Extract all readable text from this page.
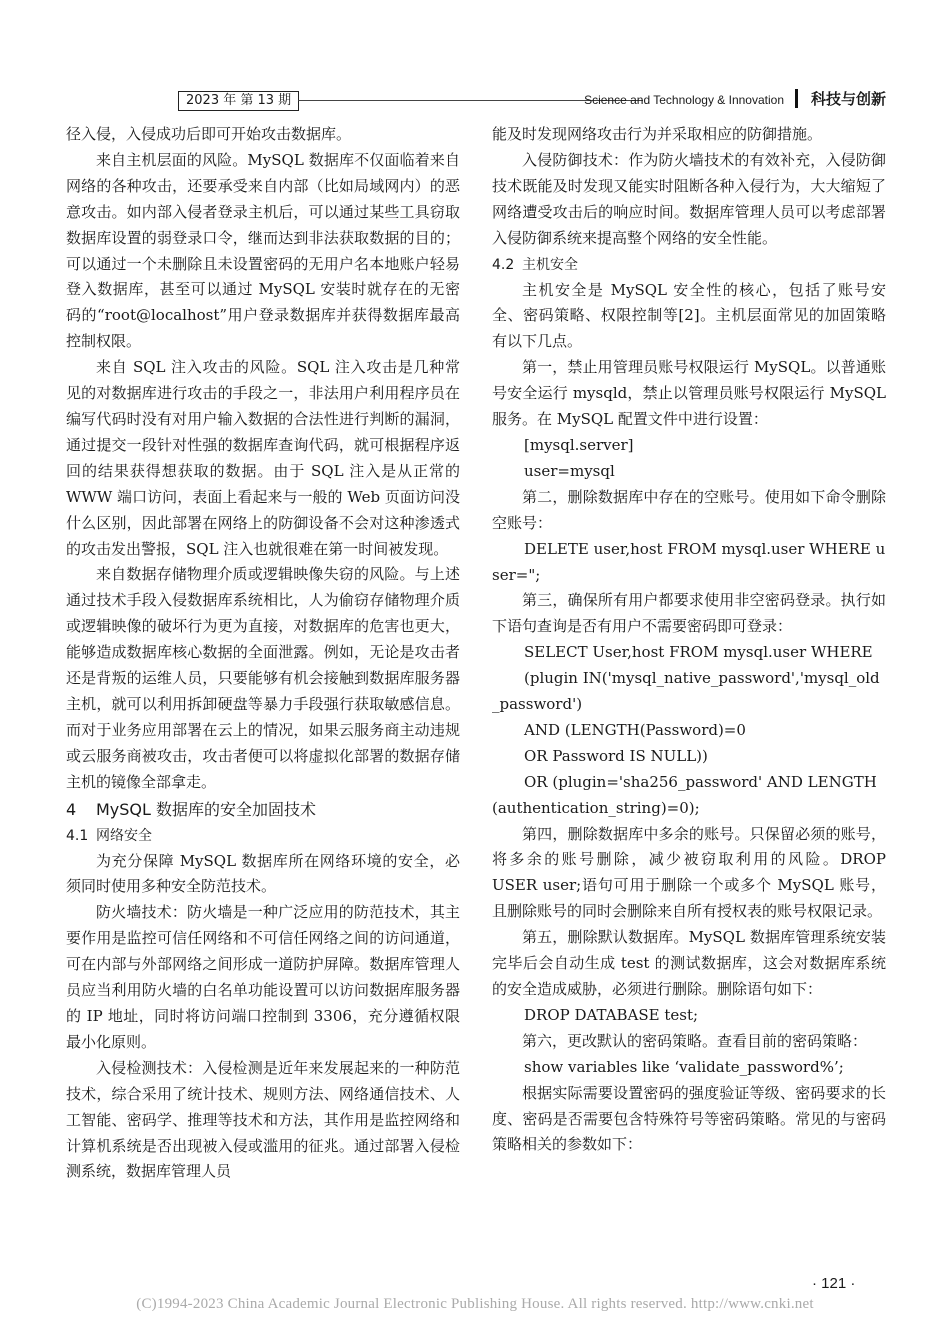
2023 年 第 13 期	Science and Technology & Innovation 科技与创新

径入侵，入侵成功后即可开始攻击数据库。

来自主机层面的风险。MySQL 数据库不仅面临着来自网络的各种攻击，还要承受来自内部（比如局域网内）的恶意攻击。如内部入侵者登录主机后，可以通过某些工具窃取数据库设置的弱登录口令，继而达到非法获取数据的目的；可以通过一个未删除且未设置密码的无用户名本地账户轻易登入数据库，甚至可以通过 MySQL 安装时就存在的无密码的“root@localhost”用户登录数据库并获得数据库最高控制权限。

来自 SQL 注入攻击的风险。SQL 注入攻击是几种常见的对数据库进行攻击的手段之一，非法用户利用程序员在编写代码时没有对用户输入数据的合法性进行判断的漏洞，通过提交一段针对性强的数据库查询代码，就可根据程序返回的结果获得想获取的数据。由于 SQL 注入是从正常的 WWW 端口访问，表面上看起来与一般的 Web 页面访问没什么区别，因此部署在网络上的防御设备不会对这种渗透式的攻击发出警报，SQL 注入也就很难在第一时间被发现。

来自数据存储物理介质或逻辑映像失窃的风险。与上述通过技术手段入侵数据库系统相比，人为偷窃存储物理介质或逻辑映像的破坏行为更为直接，对数据库的危害也更大，能够造成数据库核心数据的全面泄露。例如，无论是攻击者还是背叛的运维人员，只要能够有机会接触到数据库服务器主机，就可以利用拆卸硬盘等暴力手段强行获取敏感信息。而对于业务应用部署在云上的情况，如果云服务商主动违规或云服务商被攻击，攻击者便可以将虚拟化部署的数据存储主机的镜像全部拿走。

4 MySQL 数据库的安全加固技术
4.1 网络安全

为充分保障 MySQL 数据库所在网络环境的安全，必须同时使用多种安全防范技术。

防火墙技术：防火墙是一种广泛应用的防范技术，其主要作用是监控可信任网络和不可信任网络之间的访问通道，可在内部与外部网络之间形成一道防护屏障。数据库管理人员应当利用防火墙的白名单功能设置可以访问数据库服务器的 IP 地址，同时将访问端口控制到 3306，充分遵循权限最小化原则。

入侵检测技术：入侵检测是近年来发展起来的一种防范技术，综合采用了统计技术、规则方法、网络通信技术、人工智能、密码学、推理等技术和方法，其作用是监控网络和计算机系统是否出现被入侵或滥用的征兆。通过部署入侵检测系统，数据库管理人员

能及时发现网络攻击行为并采取相应的防御措施。

入侵防御技术：作为防火墙技术的有效补充，入侵防御技术既能及时发现又能实时阻断各种入侵行为，大大缩短了网络遭受攻击后的响应时间。数据库管理人员可以考虑部署入侵防御系统来提高整个网络的安全性能。

4.2 主机安全

主机安全是 MySQL 安全性的核心，包括了账号安全、密码策略、权限控制等[2]。主机层面常见的加固策略有以下几点。

第一，禁止用管理员账号权限运行 MySQL。以普通账号安全运行 mysqld，禁止以管理员账号权限运行 MySQL 服务。在 MySQL 配置文件中进行设置：

[mysql.server]

user=mysql

第二，删除数据库中存在的空账号。使用如下命令删除空账号：

DELETE user,host FROM mysql.user WHERE user=";

第三，确保所有用户都要求使用非空密码登录。执行如下语句查询是否有用户不需要密码即可登录：

SELECT User,host FROM mysql.user WHERE

(plugin IN('mysql_native_password','mysql_old_password')

AND (LENGTH(Password)=0

OR Password IS NULL))

OR (plugin='sha256_password' AND LENGTH (authentication_string)=0);

第四，删除数据库中多余的账号。只保留必须的账号，将多余的账号删除，减少被窃取利用的风险。DROP USER user;语句可用于删除一个或多个 MySQL 账号，且删除账号的同时会删除来自所有授权表的账号权限记录。

第五，删除默认数据库。MySQL 数据库管理系统安装完毕后会自动生成 test 的测试数据库，这会对数据库系统的安全造成威胁，必须进行删除。删除语句如下：

DROP DATABASE test;

第六，更改默认的密码策略。查看目前的密码策略：

show variables like ‘validate_password%’;

根据实际需要设置密码的强度验证等级、密码要求的长度、密码是否需要包含特殊符号等密码策略。常见的与密码策略相关的参数如下：

· 121 ·
(C)1994-2023 China Academic Journal Electronic Publishing House. All rights reserved. http://www.cnki.net
